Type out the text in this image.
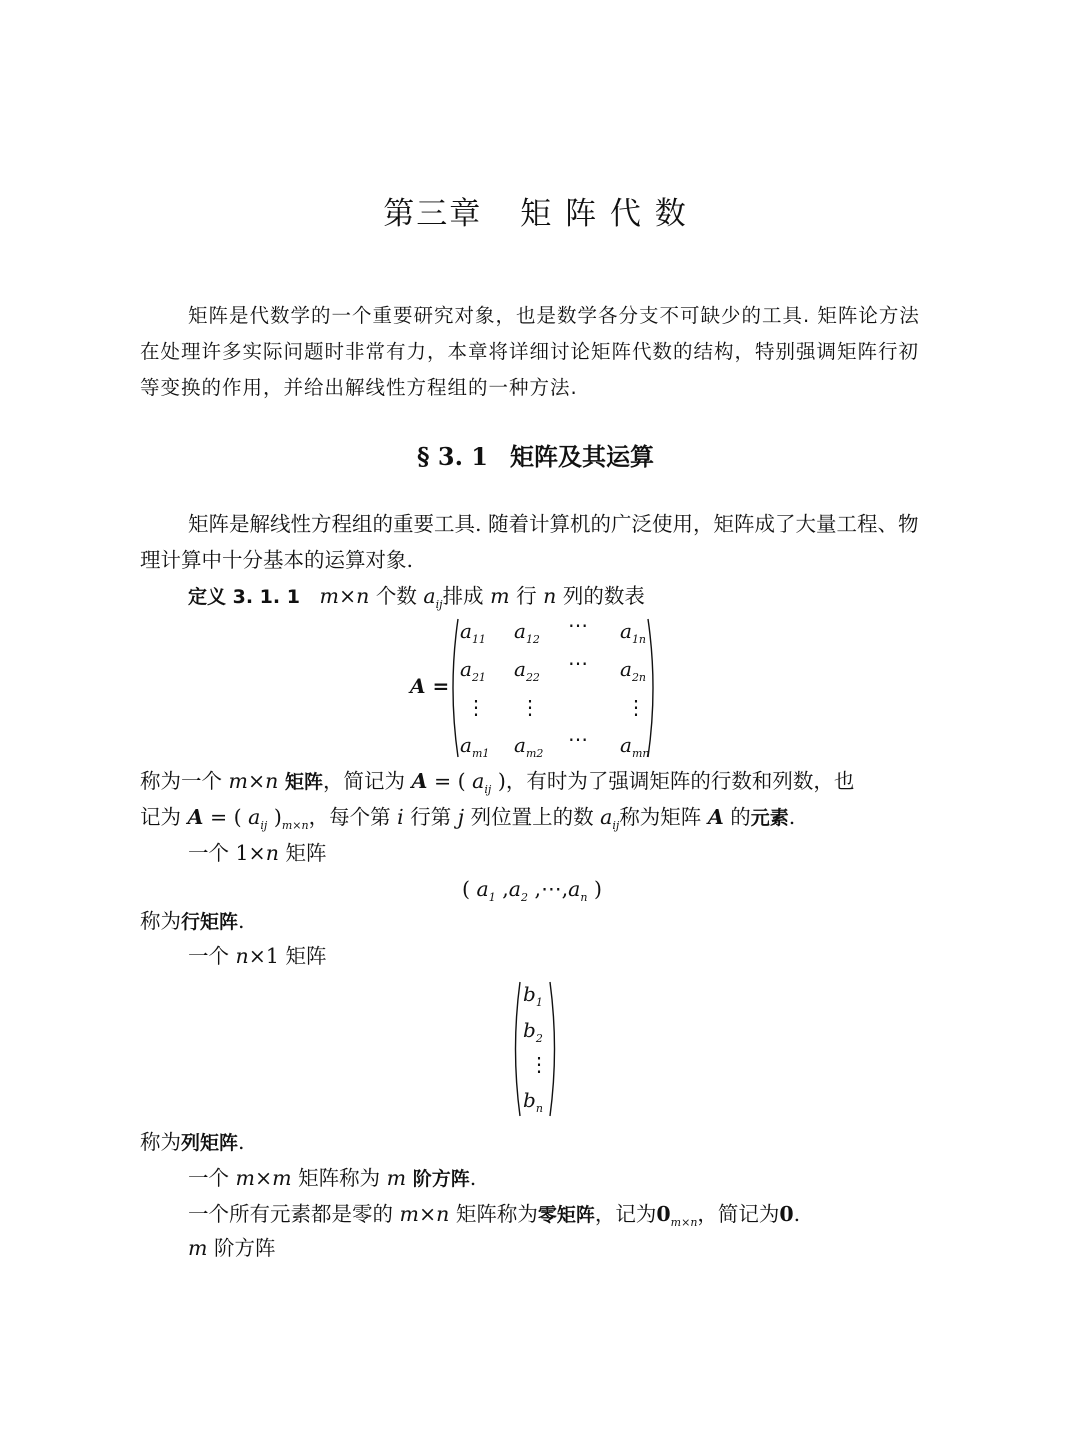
第三章 矩 阵 代 数
矩阵是代数学的一个重要研究对象，也是数学各分支不可缺少的工具. 矩阵论方法在处理许多实际问题时非常有力，本章将详细讨论矩阵代数的结构，特别强调矩阵行初等变换的作用，并给出解线性方程组的一种方法.
§ 3. 1 矩阵及其运算
矩阵是解线性方程组的重要工具. 随着计算机的广泛使用，矩阵成了大量工程、物理计算中十分基本的运算对象.
定义 3. 1. 1 m×n 个数 $a_{ij}$排成 m 行 n 列的数表
A =
$a_{11}$ $a_{12}$
⋯ $a_{1n}$
$a_{21}$ $a_{22}$
⋯ $a_{2n}$
⋮	⋮	⋮
$a_{m1}$ $a_{m2}$
⋯ $a_{mn}$
称为一个 m×n 矩阵，简记为 A = ( $a_{ij}$ )，有时为了强调矩阵的行数和列数，也
记为 A = ( $a_{ij}$ )$_{m\times n}$，每个第 i 行第 j 列位置上的数 $a_{ij}$称为矩阵 A 的元素.
一个 1×n 矩阵
( $a_1$ $,a_2$ $,\cdots,a_n$ )
称为行矩阵.
一个 n×1 矩阵
$b_1$
$b_2$
⋮
$b_n$
称为列矩阵.
一个 m×m 矩阵称为 m 阶方阵.
一个所有元素都是零的 m×n 矩阵称为零矩阵，记为$0_{m\times n}$，简记为0.
m 阶方阵
